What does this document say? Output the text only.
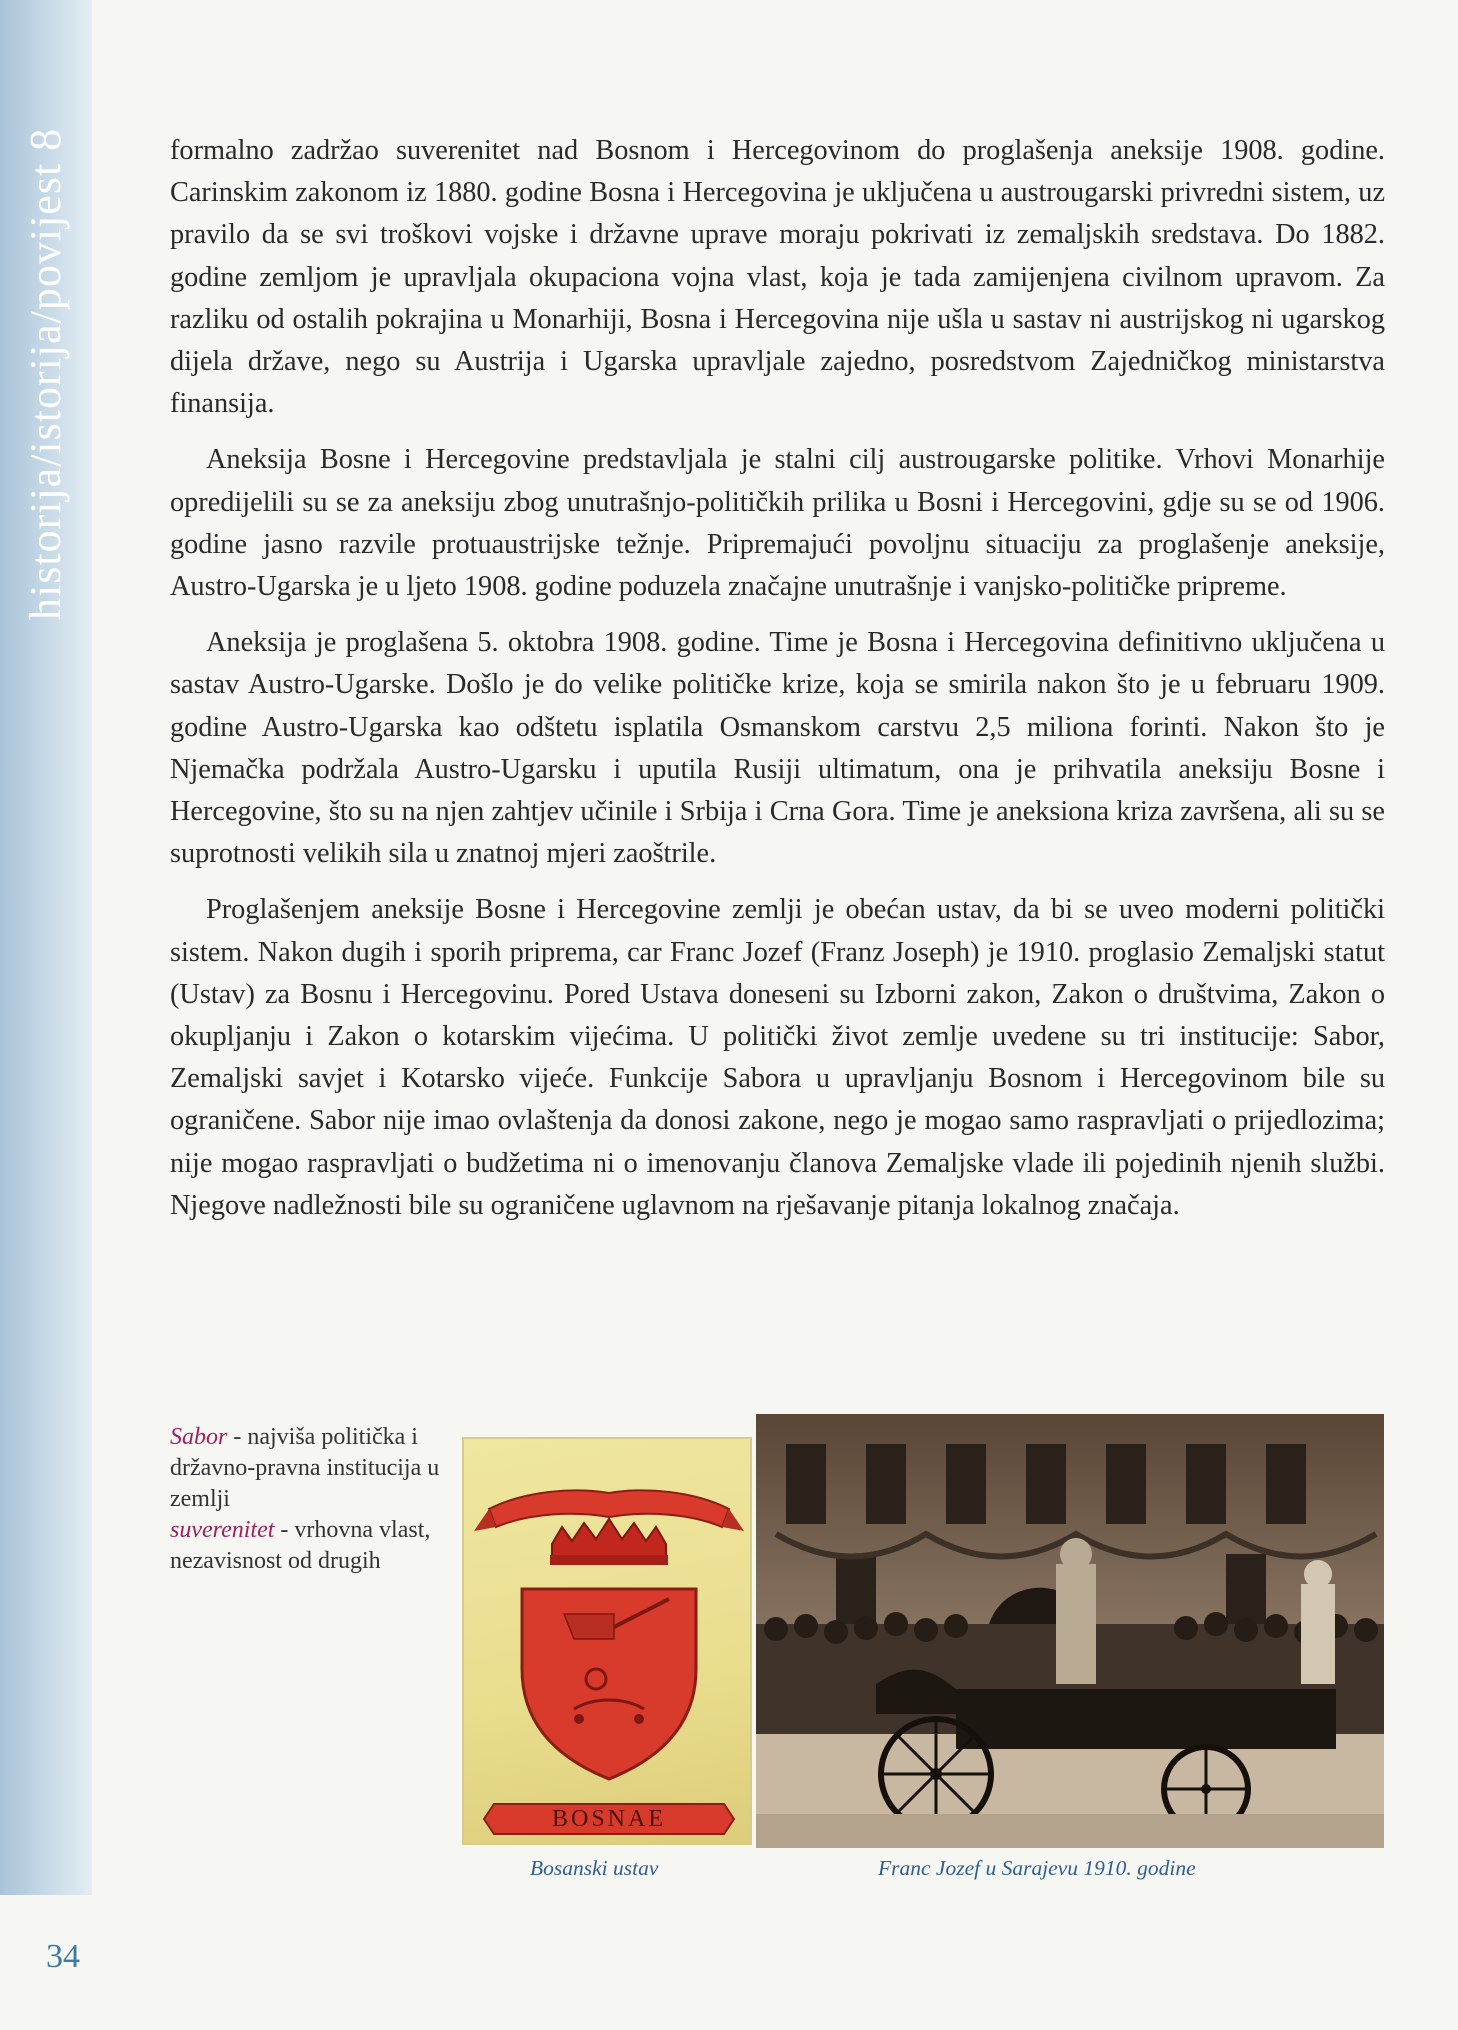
historija/istorija/povijest 8	formalno zadržao suverenitet nad Bosnom i Hercegovinom do proglašenja aneksije 1908. godine. Carinskim zakonom iz 1880. godine Bosna i Hercegovina je uključena u austrougarski privredni sistem, uz pravilo da se svi troškovi vojske i državne uprave moraju pokrivati iz zemaljskih sredstava. Do 1882. godine zemljom je upravljala okupaciona vojna vlast, koja je tada zamijenjena civilnom upravom. Za razliku od ostalih pokrajina u Monarhiji, Bosna i Hercegovina nije ušla u sastav ni austrijskog ni ugarskog dijela države, nego su Austrija i Ugarska upravljale zajedno, posredstvom Zajedničkog ministarstva finansija.

Aneksija Bosne i Hercegovine predstavljala je stalni cilj austrougarske politike. Vrhovi Monarhije opredijelili su se za aneksiju zbog unutrašnjo-političkih prilika u Bosni i Hercegovini, gdje su se od 1906. godine jasno razvile protuaustrijske težnje. Pripremajući povoljnu situaciju za proglašenje aneksije, Austro-Ugarska je u ljeto 1908. godine poduzela značajne unutrašnje i vanjsko-političke pripreme.

Aneksija je proglašena 5. oktobra 1908. godine. Time je Bosna i Hercegovina definitivno uključena u sastav Austro-Ugarske. Došlo je do velike političke krize, koja se smirila nakon što je u februaru 1909. godine Austro-Ugarska kao odštetu isplatila Osmanskom carstvu 2,5 miliona forinti. Nakon što je Njemačka podržala Austro-Ugarsku i uputila Rusiji ultimatum, ona je prihvatila aneksiju Bosne i Hercegovine, što su na njen zahtjev učinile i Srbija i Crna Gora. Time je aneksiona kriza završena, ali su se suprotnosti velikih sila u znatnoj mjeri zaoštrile.

Proglašenjem aneksije Bosne i Hercegovine zemlji je obećan ustav, da bi se uveo moderni politički sistem. Nakon dugih i sporih priprema, car Franc Jozef (Franz Joseph) je 1910. proglasio Zemaljski statut (Ustav) za Bosnu i Hercegovinu. Pored Ustava doneseni su Izborni zakon, Zakon o društvima, Zakon o okupljanju i Zakon o kotarskim vijećima. U politički život zemlje uvedene su tri institucije: Sabor, Zemaljski savjet i Kotarsko vijeće. Funkcije Sabora u upravljanju Bosnom i Hercegovinom bile su ograničene. Sabor nije imao ovlaštenja da donosi zakone, nego je mogao samo raspravljati o prijedlozima; nije mogao raspravljati o budžetima ni o imenovanju članova Zemaljske vlade ili pojedinih njenih službi. Njegove nadležnosti bile su ograničene uglavnom na rješavanje pitanja lokalnog značaja.

Sabor - najviša politička i državno-pravna institucija u zemlji
suverenitet - vrhovna vlast, nezavisnost od drugih
BOSNAE
Bosanski ustav	Franc Jozef u Sarajevu 1910. godine
34
